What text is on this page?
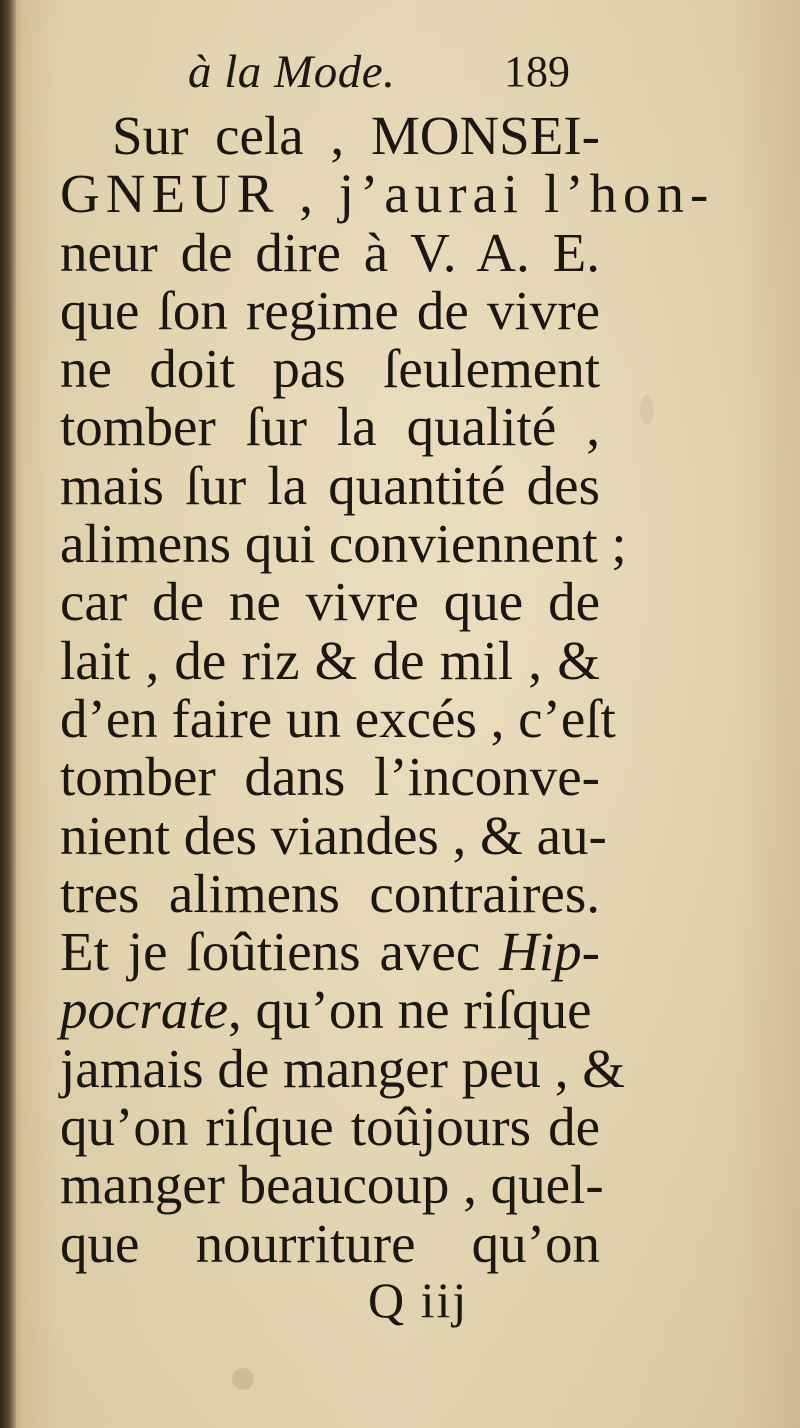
à la Mode. 189
Sur cela , MONSEI-
GNEUR , j’aurai l’hon-
neur de dire à V. A. E.
que ſon regime de vivre
ne doit pas ſeulement
tomber ſur la qualité ,
mais ſur la quantité des
alimens qui conviennent ;
car de ne vivre que de
lait , de riz & de mil , &
d’en faire un excés , c’eſt
tomber dans l’inconve-
nient des viandes , & au-
tres alimens contraires.
Et je ſoûtiens avec Hip-
pocrate, qu’on ne riſque
jamais de manger peu , &
qu’on riſque toûjours de
manger beaucoup , quel-
que nourriture qu’on
Q iij
